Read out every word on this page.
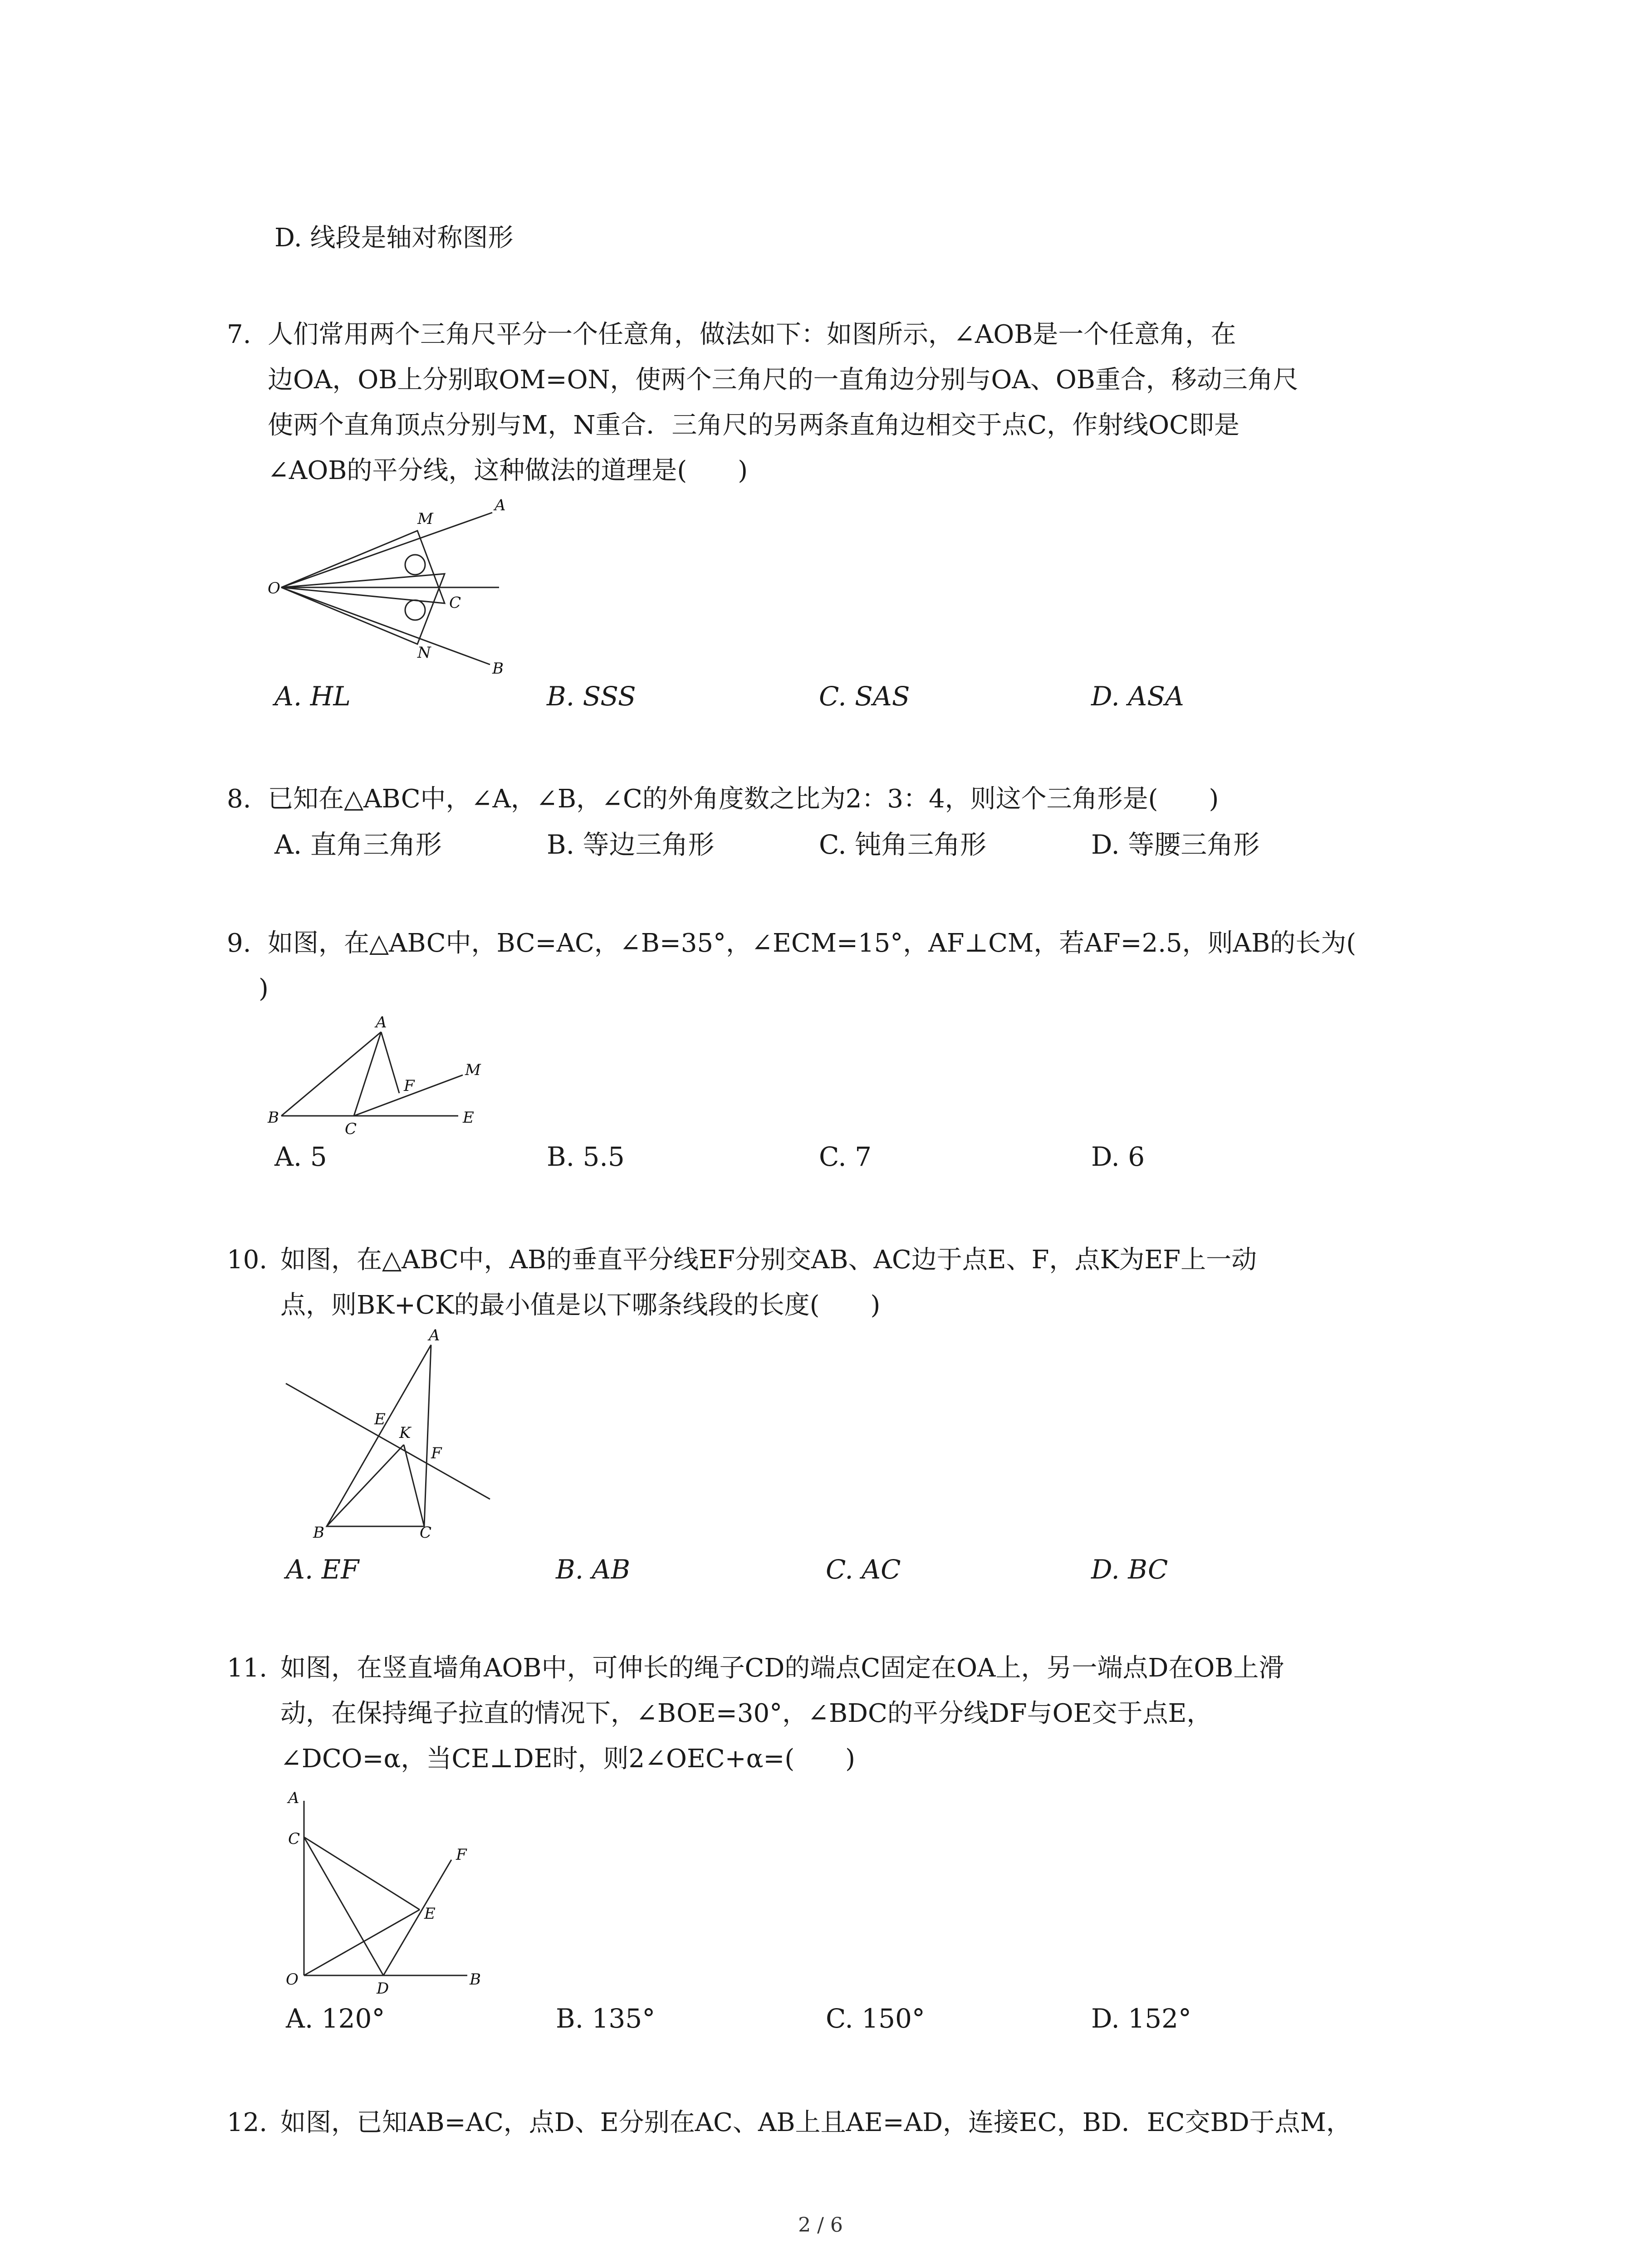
D. 线段是轴对称图形
7. 人们常用两个三角尺平分一个任意角，做法如下：如图所示，∠AOB是一个任意角，在
边OA，OB上分别取OM=ON，使两个三角尺的一直角边分别与OA、OB重合，移动三角尺
使两个直角顶点分别与M，N重合．三角尺的另两条直角边相交于点C，作射线OC即是
∠AOB的平分线，这种做法的道理是(　　)
O
A
B
M
N
C
A. HL	B. SSS	C. SAS	D. ASA
8. 已知在△ABC中，∠A，∠B，∠C的外角度数之比为2：3：4，则这个三角形是(　　)
A. 直角三角形	B. 等边三角形	C. 钝角三角形	D. 等腰三角形
9. 如图，在△ABC中，BC=AC，∠B=35°，∠ECM=15°，AF⊥CM，若AF=2.5，则AB的长为(
)
A
B
C
E
F
M
A. 5	B. 5.5	C. 7	D. 6
10. 如图，在△ABC中，AB的垂直平分线EF分别交AB、AC边于点E、F，点K为EF上一动
点，则BK+CK的最小值是以下哪条线段的长度(　　)
A
B	C
E
F
K
A. EF	B. AB	C. AC	D. BC
11. 如图，在竖直墙角AOB中，可伸长的绳子CD的端点C固定在OA上，另一端点D在OB上滑
动，在保持绳子拉直的情况下，∠BOE=30°，∠BDC的平分线DF与OE交于点E，
∠DCO=α，当CE⊥DE时，则2∠OEC+α=(　　)
A
C
O	D	B
E
F
A. 120°	B. 135°	C. 150°	D. 152°
12. 如图，已知AB=AC，点D、E分别在AC、AB上且AE=AD，连接EC，BD．EC交BD于点M，
2 / 6
